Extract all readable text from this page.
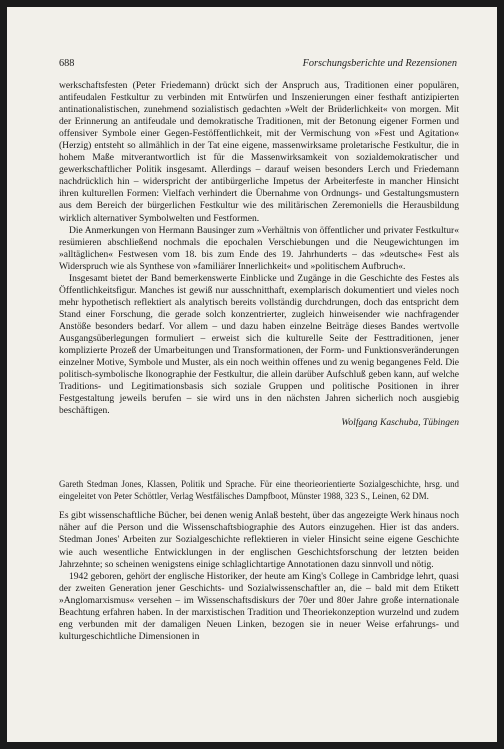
688	Forschungsberichte und Rezensionen

werkschaftsfesten (Peter Friedemann) drückt sich der Anspruch aus, Traditionen einer populären, antifeudalen Festkultur zu verbinden mit Entwürfen und Inszenierungen einer festhaft antizipierten antinationalistischen, zunehmend sozialistisch gedachten »Welt der Brüderlichkeit« von morgen. Mit der Erinnerung an antifeudale und demokratische Traditionen, mit der Betonung eigener Formen und offensiver Symbole einer Gegen-Festöffentlichkeit, mit der Vermischung von »Fest und Agitation« (Herzig) entsteht so allmählich in der Tat eine eigene, massenwirksame proletarische Festkultur, die in hohem Maße mitverantwortlich ist für die Massenwirksamkeit von sozialdemokratischer und gewerkschaftlicher Politik insgesamt. Allerdings – darauf weisen besonders Lerch und Friedemann nachdrücklich hin – widerspricht der antibürgerliche Impetus der Arbeiterfeste in mancher Hinsicht ihren kulturellen Formen: Vielfach verhindert die Übernahme von Ordnungs- und Gestaltungsmustern aus dem Bereich der bürgerlichen Festkultur wie des militärischen Zeremoniells die Herausbildung wirklich alternativer Symbolwelten und Festformen.

Die Anmerkungen von Hermann Bausinger zum »Verhältnis von öffentlicher und privater Festkultur« resümieren abschließend nochmals die epochalen Verschiebungen und die Neugewichtungen im »alltäglichen« Festwesen vom 18. bis zum Ende des 19. Jahrhunderts – das »deutsche« Fest als Widerspruch wie als Synthese von »familiärer Innerlichkeit« und »politischem Aufbruch«.

Insgesamt bietet der Band bemerkenswerte Einblicke und Zugänge in die Geschichte des Festes als Öffentlichkeitsfigur. Manches ist gewiß nur ausschnitthaft, exemplarisch dokumentiert und vieles noch mehr hypothetisch reflektiert als analytisch bereits vollständig durchdrungen, doch das entspricht dem Stand einer Forschung, die gerade solch konzentrierter, zugleich hinweisender wie nachfragender Anstöße besonders bedarf. Vor allem – und dazu haben einzelne Beiträge dieses Bandes wertvolle Ausgangsüberlegungen formuliert – erweist sich die kulturelle Seite der Festtraditionen, jener komplizierte Prozeß der Umarbeitungen und Transformationen, der Form- und Funktionsveränderungen einzelner Motive, Symbole und Muster, als ein noch weithin offenes und zu wenig begangenes Feld. Die politisch-symbolische Ikonographie der Festkultur, die allein darüber Aufschluß geben kann, auf welche Traditions- und Legitimationsbasis sich soziale Gruppen und politische Positionen in ihrer Festgestaltung jeweils berufen – sie wird uns in den nächsten Jahren sicherlich noch ausgiebig beschäftigen.

Wolfgang Kaschuba, Tübingen

Gareth Stedman Jones, Klassen, Politik und Sprache. Für eine theorieorientierte Sozialgeschichte, hrsg. und eingeleitet von Peter Schöttler, Verlag Westfälisches Dampfboot, Münster 1988, 323 S., Leinen, 62 DM.

Es gibt wissenschaftliche Bücher, bei denen wenig Anlaß besteht, über das angezeigte Werk hinaus noch näher auf die Person und die Wissenschaftsbiographie des Autors einzugehen. Hier ist das anders. Stedman Jones' Arbeiten zur Sozialgeschichte reflektieren in vieler Hinsicht seine eigene Geschichte wie auch wesentliche Entwicklungen in der englischen Geschichtsforschung der letzten beiden Jahrzehnte; so scheinen wenigstens einige schlaglichtartige Annotationen dazu sinnvoll und nötig.

1942 geboren, gehört der englische Historiker, der heute am King's College in Cambridge lehrt, quasi der zweiten Generation jener Geschichts- und Sozialwissenschaftler an, die – bald mit dem Etikett »Anglomarxismus« versehen – im Wissenschaftsdiskurs der 70er und 80er Jahre große internationale Beachtung erfahren haben. In der marxistischen Tradition und Theoriekonzeption wurzelnd und zudem eng verbunden mit der damaligen Neuen Linken, bezogen sie in neuer Weise erfahrungs- und kulturgeschichtliche Dimensionen in
